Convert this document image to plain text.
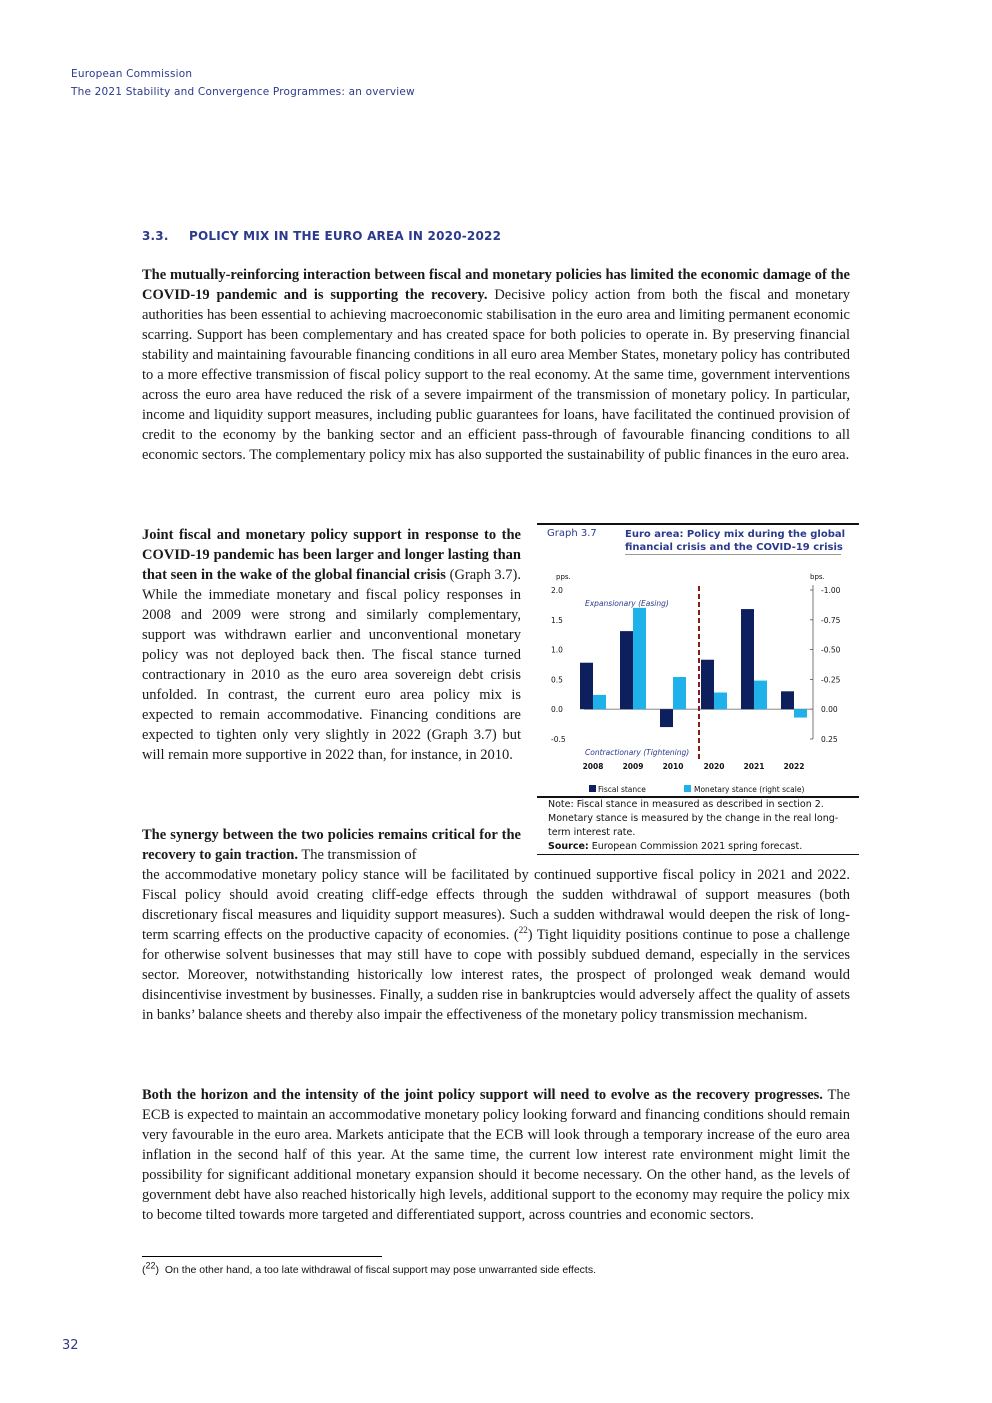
European Commission
The 2021 Stability and Convergence Programmes: an overview
3.3. POLICY MIX IN THE EURO AREA IN 2020-2022

The mutually-reinforcing interaction between fiscal and monetary policies has limited the economic damage of the COVID-19 pandemic and is supporting the recovery. Decisive policy action from both the fiscal and monetary authorities has been essential to achieving macroeconomic stabilisation in the euro area and limiting permanent economic scarring. Support has been complementary and has created space for both policies to operate in. By preserving financial stability and maintaining favourable financing conditions in all euro area Member States, monetary policy has contributed to a more effective transmission of fiscal policy support to the real economy. At the same time, government interventions across the euro area have reduced the risk of a severe impairment of the transmission of monetary policy. In particular, income and liquidity support measures, including public guarantees for loans, have facilitated the continued provision of credit to the economy by the banking sector and an efficient pass-through of favourable financing conditions to all economic sectors. The complementary policy mix has also supported the sustainability of public finances in the euro area.

Joint fiscal and monetary policy support in response to the COVID-19 pandemic has been larger and longer lasting than that seen in the wake of the global financial crisis (Graph 3.7). While the immediate monetary and fiscal policy responses in 2008 and 2009 were strong and similarly complementary, support was withdrawn earlier and unconventional monetary policy was not deployed back then. The fiscal stance turned contractionary in 2010 as the euro area sovereign debt crisis unfolded. In contrast, the current euro area policy mix is expected to remain accommodative. Financing conditions are expected to tighten only very slightly in 2022 (Graph 3.7) but will remain more supportive in 2022 than, for instance, in 2010.

The synergy between the two policies remains critical for the recovery to gain traction. The transmission of

the accommodative monetary policy stance will be facilitated by continued supportive fiscal policy in 2021 and 2022. Fiscal policy should avoid creating cliff-edge effects through the sudden withdrawal of support measures (both discretionary fiscal measures and liquidity support measures). Such a sudden withdrawal would deepen the risk of long-term scarring effects on the productive capacity of economies. ($^{22}$) Tight liquidity positions continue to pose a challenge for otherwise solvent businesses that may still have to cope with possibly subdued demand, especially in the services sector. Moreover, notwithstanding historically low interest rates, the prospect of prolonged weak demand would disincentivise investment by businesses. Finally, a sudden rise in bankruptcies would adversely affect the quality of assets in banks’ balance sheets and thereby also impair the effectiveness of the monetary policy transmission mechanism.

Both the horizon and the intensity of the joint policy support will need to evolve as the recovery progresses. The ECB is expected to maintain an accommodative monetary policy looking forward and financing conditions should remain very favourable in the euro area. Markets anticipate that the ECB will look through a temporary increase of the euro area inflation in the second half of this year. At the same time, the current low interest rate environment might limit the possibility for significant additional monetary expansion should it become necessary. On the other hand, as the levels of government debt have also reached historically high levels, additional support to the economy may require the policy mix to become tilted towards more targeted and differentiated support, across countries and economic sectors.

($^{22}$)  On the other hand, a too late withdrawal of fiscal support may pose unwarranted side effects.
32
Graph 3.7	Euro area: Policy mix during the global financial crisis and the COVID-19 crisis
pps.	bps.
-0.5
0.0
0.5
1.0
1.5
2.0	-1.00
-0.75
-0.50
-0.25
0.00
0.25
Expansionary (Easing)
Contractionary (Tightening)
2008	2009	2010	2020	2021	2022
Fiscal stance	Monetary stance (right scale)
Note: Fiscal stance in measured as described in section 2. Monetary stance is measured by the change in the real long-term interest rate.
Source: European Commission 2021 spring forecast.
